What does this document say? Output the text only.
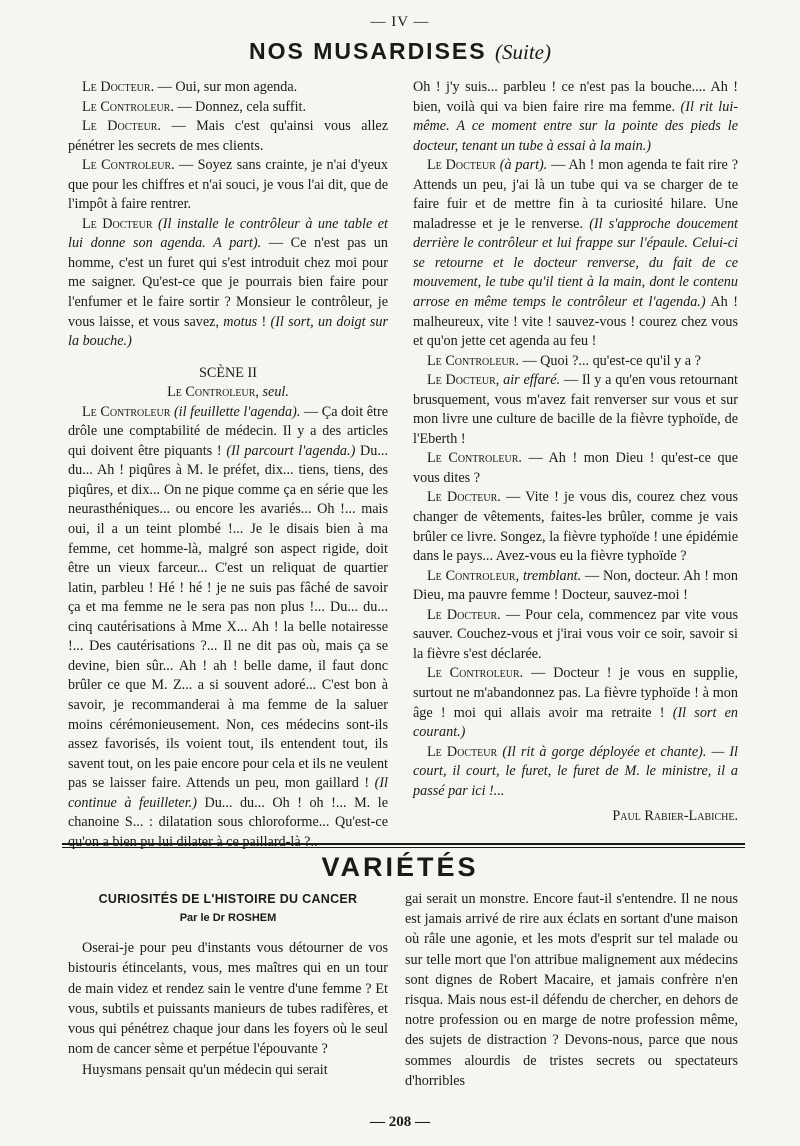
— IV —
NOS MUSARDISES (Suite)

Le Docteur. — Oui, sur mon agenda.

Le Controleur. — Donnez, cela suffit.

Le Docteur. — Mais c'est qu'ainsi vous allez pénétrer les secrets de mes clients.

Le Controleur. — Soyez sans crainte, je n'ai d'yeux que pour les chiffres et n'ai souci, je vous l'ai dit, que de l'impôt à faire rentrer.

Le Docteur (Il installe le contrôleur à une table et lui donne son agenda. A part). — Ce n'est pas un homme, c'est un furet qui s'est introduit chez moi pour me saigner. Qu'est-ce que je pourrais bien faire pour l'enfumer et le faire sortir ? Monsieur le contrôleur, je vous laisse, et vous savez, motus ! (Il sort, un doigt sur la bouche.)

SCÈNE II

Le Controleur, seul.

Le Controleur (il feuillette l'agenda). — Ça doit être drôle une comptabilité de médecin. Il y a des articles qui doivent être piquants ! (Il parcourt l'agenda.) Du... du... Ah ! piqûres à M. le préfet, dix... tiens, tiens, des piqûres, et dix... On ne pique comme ça en série que les neurasthéniques... ou encore les avariés... Oh !... mais oui, il a un teint plombé !... Je le disais bien à ma femme, cet homme-là, malgré son aspect rigide, doit être un vieux farceur... C'est un reliquat de quartier latin, parbleu ! Hé ! hé ! je ne suis pas fâché de savoir ça et ma femme ne le sera pas non plus !... Du... du... cinq cautérisations à Mme X... Ah ! la belle notairesse !... Des cautérisations ?... Il ne dit pas où, mais ça se devine, bien sûr... Ah ! ah ! belle dame, il faut donc brûler ce que M. Z... a si souvent adoré... C'est bon à savoir, je recommanderai à ma femme de la saluer moins cérémonieusement. Non, ces médecins sont-ils assez favorisés, ils voient tout, ils entendent tout, ils savent tout, on les paie encore pour cela et ils ne veulent pas se laisser faire. Attends un peu, mon gaillard ! (Il continue à feuilleter.) Du... du... Oh ! oh !... M. le chanoine S... : dilatation sous chloroforme... Qu'est-ce qu'on a bien pu lui dilater à ce paillard-là ?..

Oh ! j'y suis... parbleu ! ce n'est pas la bouche.... Ah ! bien, voilà qui va bien faire rire ma femme. (Il rit lui-même. A ce moment entre sur la pointe des pieds le docteur, tenant un tube à essai à la main.)

Le Docteur (à part). — Ah ! mon agenda te fait rire ? Attends un peu, j'ai là un tube qui va se charger de te faire fuir et de mettre fin à ta curiosité hilare. Une maladresse et je le renverse. (Il s'approche doucement derrière le contrôleur et lui frappe sur l'épaule. Celui-ci se retourne et le docteur renverse, du fait de ce mouvement, le tube qu'il tient à la main, dont le contenu arrose en même temps le contrôleur et l'agenda.) Ah ! malheureux, vite ! vite ! sauvez-vous ! courez chez vous et qu'on jette cet agenda au feu !

Le Controleur. — Quoi ?... qu'est-ce qu'il y a ?

Le Docteur, air effaré. — Il y a qu'en vous retournant brusquement, vous m'avez fait renverser sur vous et sur mon livre une culture de bacille de la fièvre typhoïde, de l'Eberth !

Le Controleur. — Ah ! mon Dieu ! qu'est-ce que vous dites ?

Le Docteur. — Vite ! je vous dis, courez chez vous changer de vêtements, faites-les brûler, comme je vais brûler ce livre. Songez, la fièvre typhoïde ! une épidémie dans le pays... Avez-vous eu la fièvre typhoïde ?

Le Controleur, tremblant. — Non, docteur. Ah ! mon Dieu, ma pauvre femme ! Docteur, sauvez-moi !

Le Docteur. — Pour cela, commencez par vite vous sauver. Couchez-vous et j'irai vous voir ce soir, savoir si la fièvre s'est déclarée.

Le Controleur. — Docteur ! je vous en supplie, surtout ne m'abandonnez pas. La fièvre typhoïde ! à mon âge ! moi qui allais avoir ma retraite ! (Il sort en courant.)

Le Docteur (Il rit à gorge déployée et chante). — Il court, il court, le furet, le furet de M. le ministre, il a passé par ici !...

Paul Rabier-Labiche.

VARIÉTÉS
CURIOSITÉS DE L'HISTOIRE DU CANCER
Par le Dr ROSHEM

Oserai-je pour peu d'instants vous détourner de vos bistouris étincelants, vous, mes maîtres qui en un tour de main videz et rendez sain le ventre d'une femme ? Et vous, subtils et puissants manieurs de tubes radifères, et vous qui pénétrez chaque jour dans les foyers où le seul nom de cancer sème et perpétue l'épouvante ?

Huysmans pensait qu'un médecin qui serait

gai serait un monstre. Encore faut-il s'entendre. Il ne nous est jamais arrivé de rire aux éclats en sortant d'une maison où râle une agonie, et les mots d'esprit sur tel malade ou sur telle mort que l'on attribue malignement aux médecins sont dignes de Robert Macaire, et jamais confrère n'en risqua. Mais nous est-il défendu de chercher, en dehors de notre profession ou en marge de notre profession même, des sujets de distraction ? Devons-nous, parce que nous sommes alourdis de tristes secrets ou spectateurs d'horribles

— 208 —
